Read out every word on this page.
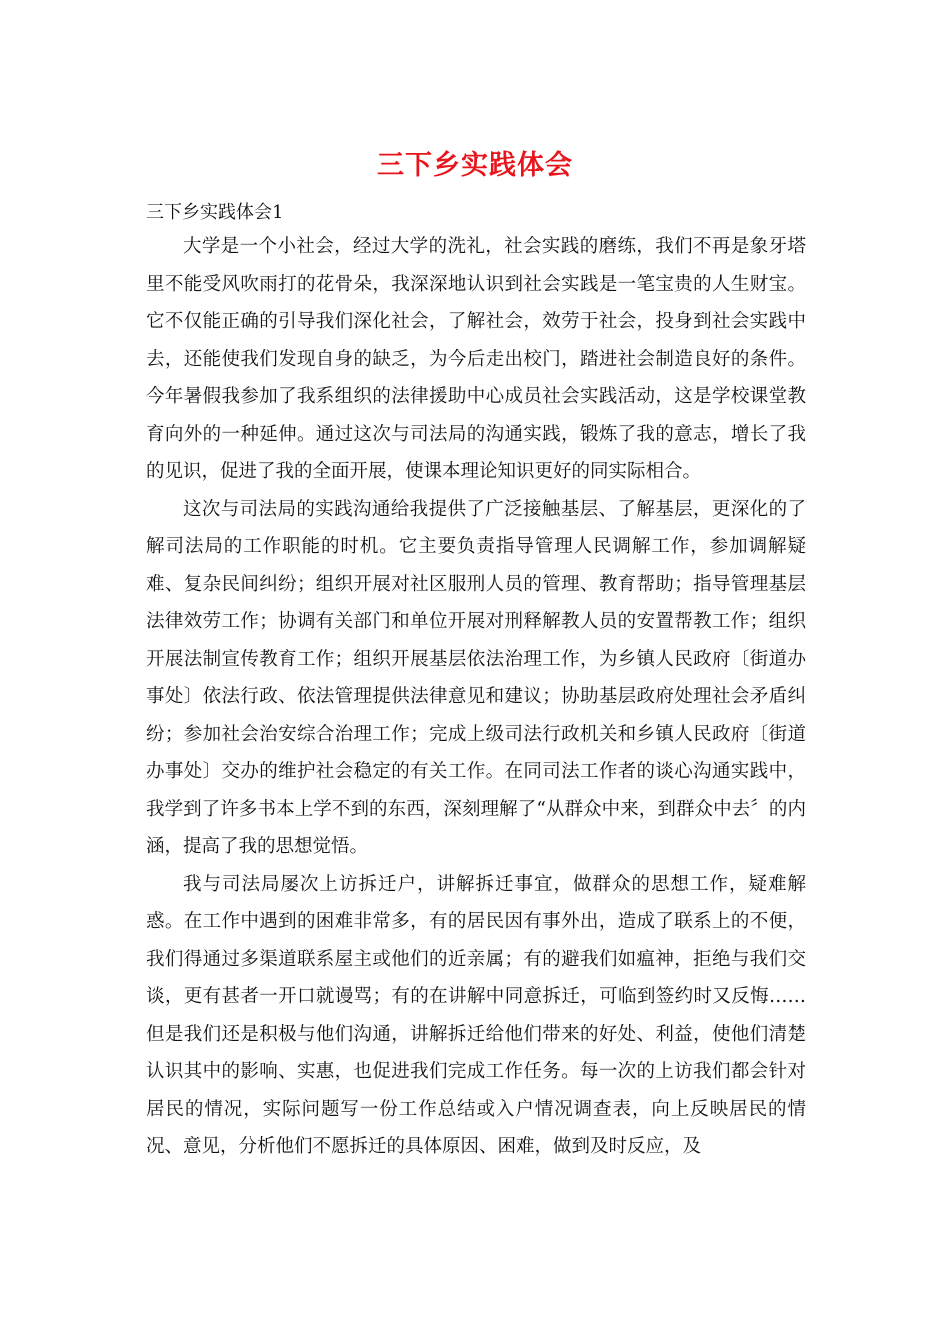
三下乡实践体会
三下乡实践体会1

大学是一个小社会，经过大学的洗礼，社会实践的磨练，我们不再是象牙塔里不能受风吹雨打的花骨朵，我深深地认识到社会实践是一笔宝贵的人生财宝。它不仅能正确的引导我们深化社会，了解社会，效劳于社会，投身到社会实践中去，还能使我们发现自身的缺乏，为今后走出校门，踏进社会制造良好的条件。今年暑假我参加了我系组织的法律援助中心成员社会实践活动，这是学校课堂教育向外的一种延伸。通过这次与司法局的沟通实践，锻炼了我的意志，增长了我的见识，促进了我的全面开展，使课本理论知识更好的同实际相合。

这次与司法局的实践沟通给我提供了广泛接触基层、了解基层，更深化的了解司法局的工作职能的时机。它主要负责指导管理人民调解工作，参加调解疑难、复杂民间纠纷；组织开展对社区服刑人员的管理、教育帮助；指导管理基层法律效劳工作；协调有关部门和单位开展对刑释解教人员的安置帮教工作；组织开展法制宣传教育工作；组织开展基层依法治理工作，为乡镇人民政府〔街道办事处〕依法行政、依法管理提供法律意见和建议；协助基层政府处理社会矛盾纠纷；参加社会治安综合治理工作；完成上级司法行政机关和乡镇人民政府〔街道办事处〕交办的维护社会稳定的有关工作。在同司法工作者的谈心沟通实践中，我学到了许多书本上学不到的东西，深刻理解了“从群众中来，到群众中去〞的内涵，提高了我的思想觉悟。

我与司法局屡次上访拆迁户，讲解拆迁事宜，做群众的思想工作，疑难解惑。在工作中遇到的困难非常多，有的居民因有事外出，造成了联系上的不便，我们得通过多渠道联系屋主或他们的近亲属；有的避我们如瘟神，拒绝与我们交谈，更有甚者一开口就谩骂；有的在讲解中同意拆迁，可临到签约时又反悔……但是我们还是积极与他们沟通，讲解拆迁给他们带来的好处、利益，使他们清楚认识其中的影响、实惠，也促进我们完成工作任务。每一次的上访我们都会针对居民的情况，实际问题写一份工作总结或入户情况调查表，向上反映居民的情况、意见，分析他们不愿拆迁的具体原因、困难，做到及时反应，及
